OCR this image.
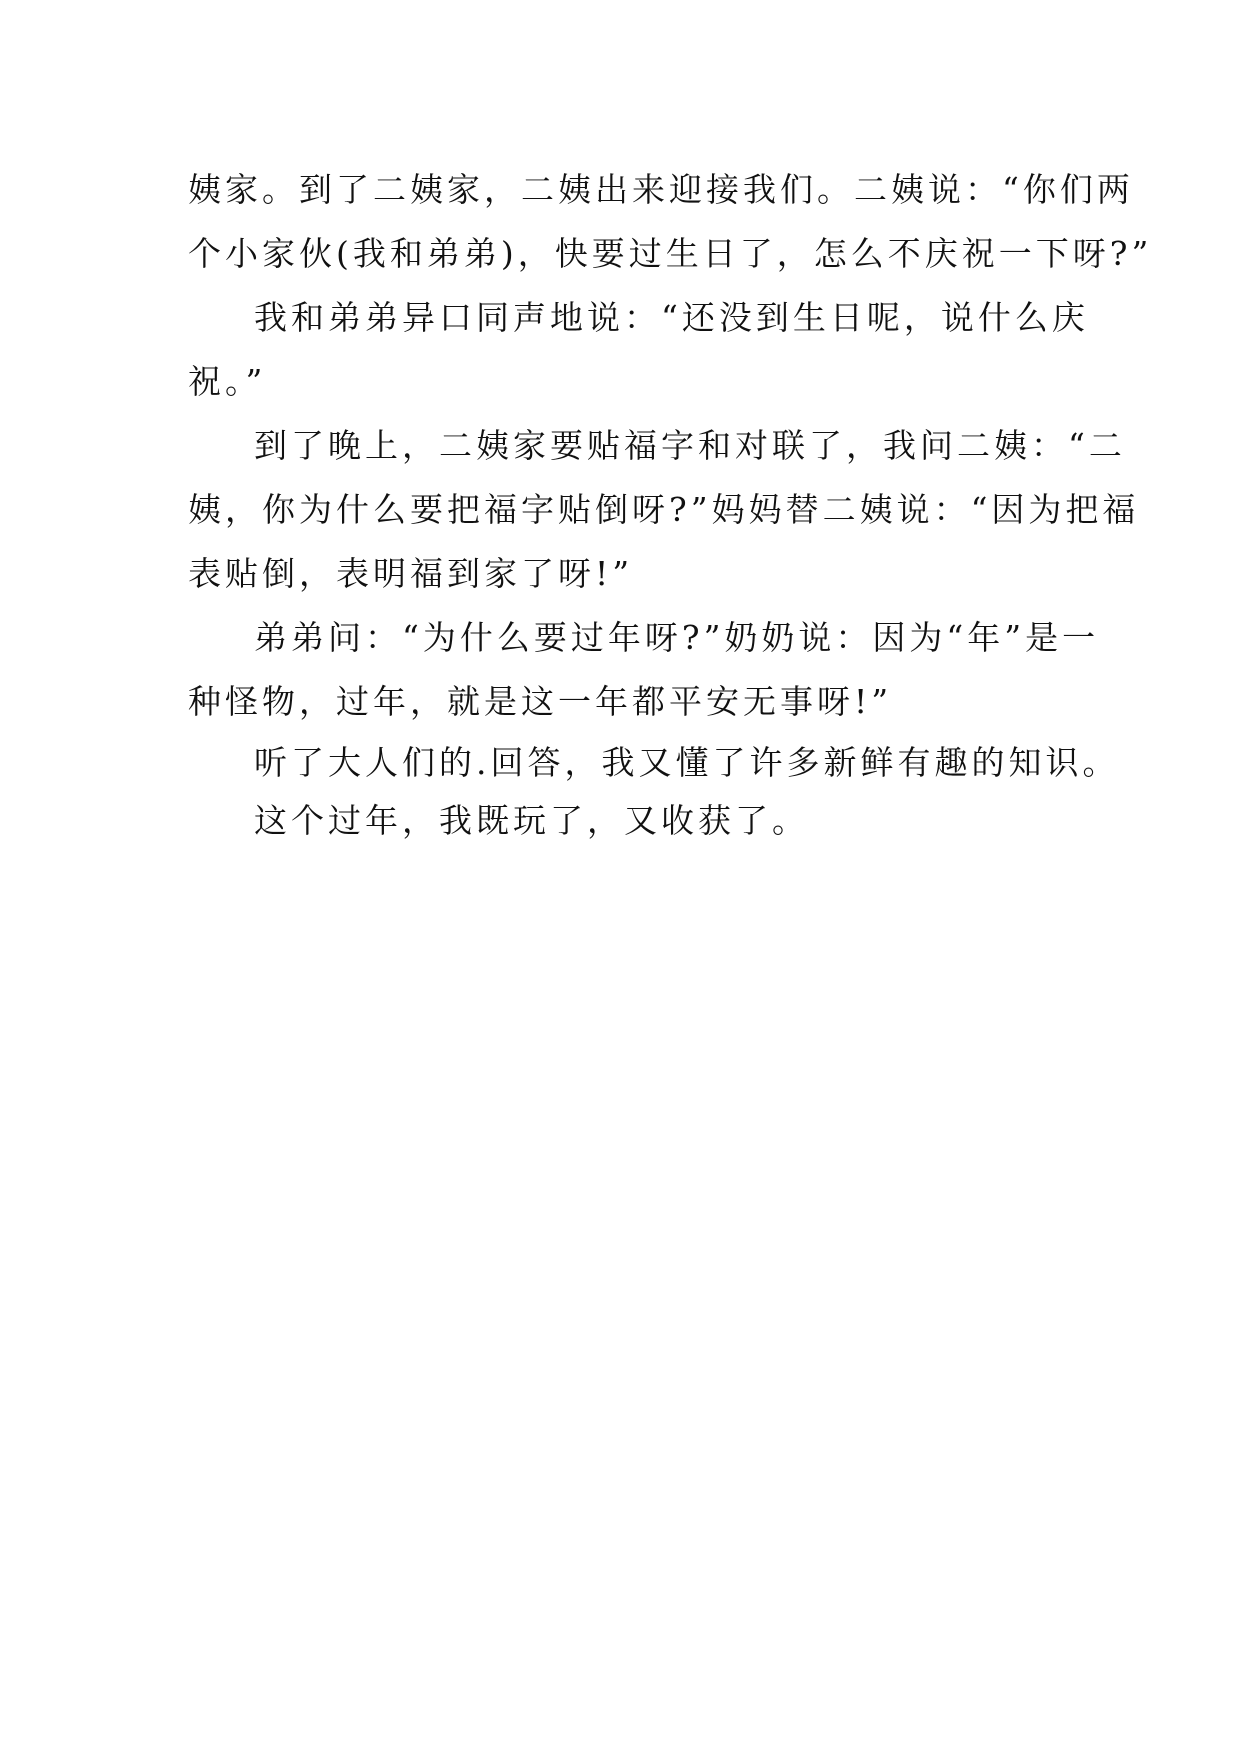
姨家。到了二姨家，二姨出来迎接我们。二姨说：“你们两
个小家伙(我和弟弟)，快要过生日了，怎么不庆祝一下呀?”
我和弟弟异口同声地说：“还没到生日呢，说什么庆
祝。”
到了晚上，二姨家要贴福字和对联了，我问二姨：“二
姨，你为什么要把福字贴倒呀?”妈妈替二姨说：“因为把福
表贴倒，表明福到家了呀!”
弟弟问：“为什么要过年呀?”奶奶说：因为“年”是一
种怪物，过年，就是这一年都平安无事呀!”
听了大人们的.回答，我又懂了许多新鲜有趣的知识。
这个过年，我既玩了，又收获了。
